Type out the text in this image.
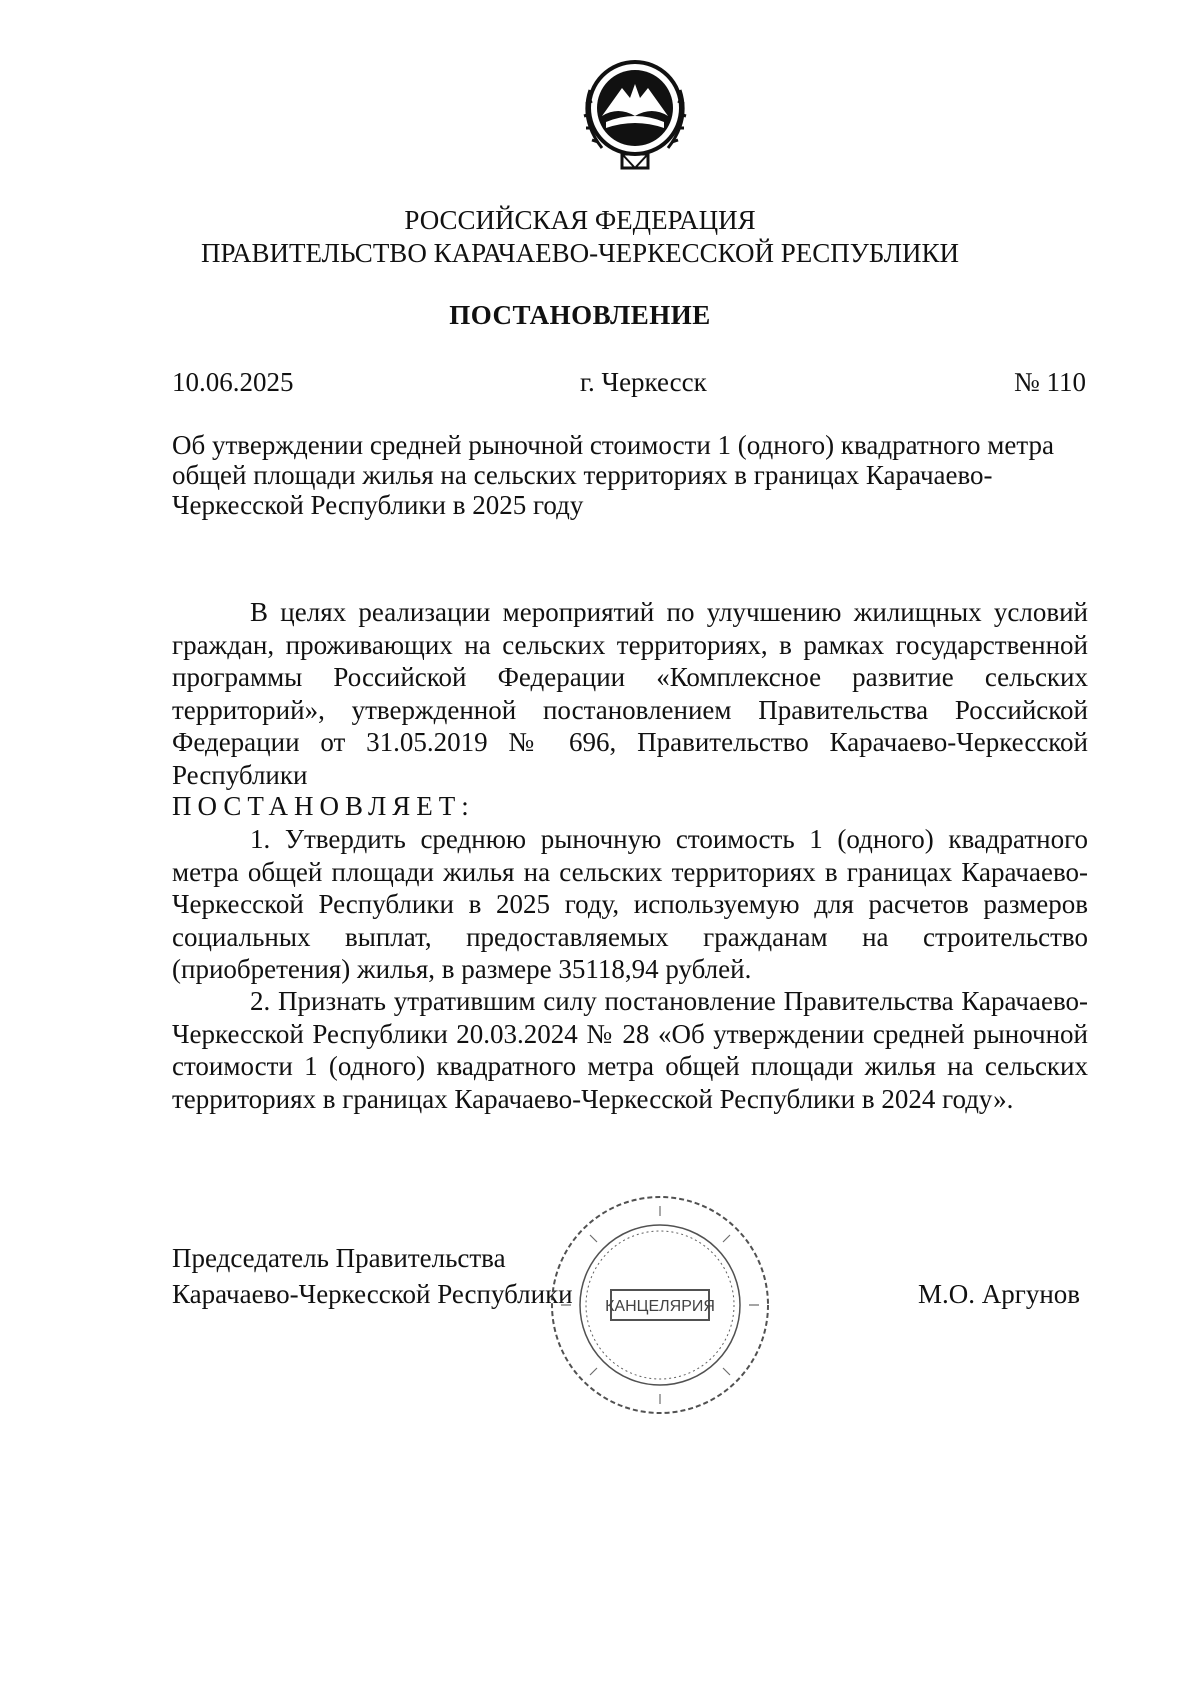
РОССИЙСКАЯ ФЕДЕРАЦИЯ
ПРАВИТЕЛЬСТВО КАРАЧАЕВО-ЧЕРКЕССКОЙ РЕСПУБЛИКИ
ПОСТАНОВЛЕНИЕ
10.06.2025	г. Черкесск	№ 110

Об утверждении средней рыночной стоимости 1 (одного) квадратного метра общей площади жилья на сельских территориях в границах Карачаево-Черкесской Республики в 2025 году

В целях реализации мероприятий по улучшению жилищных условий граждан, проживающих на сельских территориях, в рамках государственной программы Российской Федерации «Комплексное развитие сельских территорий», утвержденной постановлением Правительства Российской Федерации от 31.05.2019 № 696, Правительство Карачаево-Черкесской Республики

ПОСТАНОВЛЯЕТ:

1. Утвердить среднюю рыночную стоимость 1 (одного) квадратного метра общей площади жилья на сельских территориях в границах Карачаево-Черкесской Республики в 2025 году, используемую для расчетов размеров социальных выплат, предоставляемых гражданам на строительство (приобретения) жилья, в размере 35118,94 рублей.

2. Признать утратившим силу постановление Правительства Карачаево-Черкесской Республики 20.03.2024 № 28 «Об утверждении средней рыночной стоимости 1 (одного) квадратного метра общей площади жилья на сельских территориях в границах Карачаево-Черкесской Республики в 2024 году».

Председатель Правительства
Карачаево-Черкесской Республики	М.О. Аргунов
КАНЦЕЛЯРИЯ
